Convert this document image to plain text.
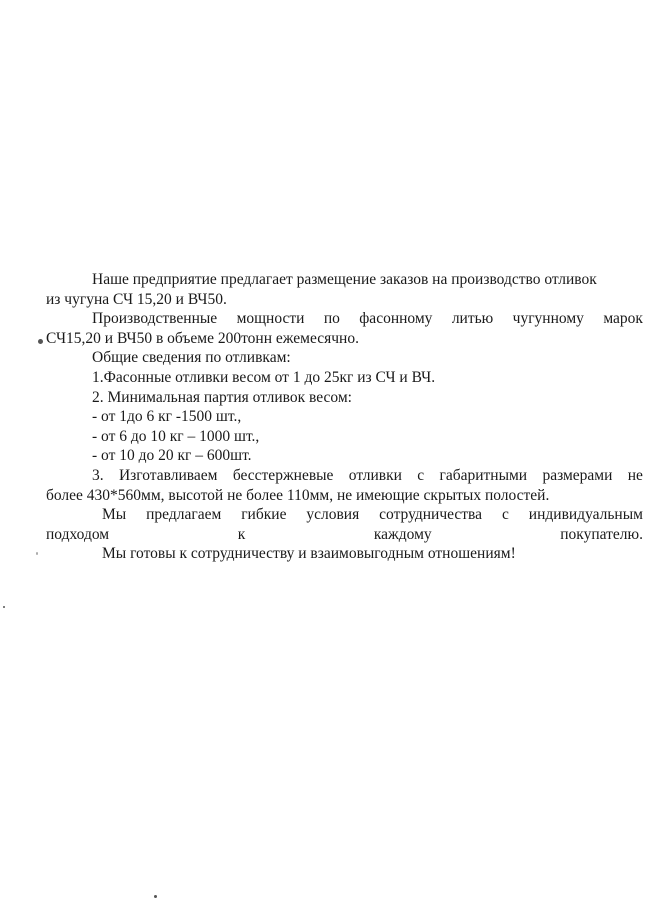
Наше предприятие предлагает размещение заказов на производство отливок
из чугуна СЧ 15,20 и ВЧ50.
Производственные мощности по фасонному литью чугунному марок
СЧ15,20 и ВЧ50 в объеме 200тонн ежемесячно.
Общие сведения по отливкам:
1.Фасонные отливки весом от 1 до 25кг из СЧ и ВЧ.
2. Минимальная партия отливок весом:
- от 1до 6 кг -1500 шт.,
- от 6 до 10 кг – 1000 шт.,
- от 10 до 20 кг – 600шт.
3. Изготавливаем бесстержневые отливки с габаритными размерами не
более 430*560мм, высотой не более 110мм, не имеющие скрытых полостей.
Мы предлагаем гибкие условия сотрудничества с индивидуальным
подходом	к	каждому	покупателю.
Мы готовы к сотрудничеству и взаимовыгодным отношениям!
